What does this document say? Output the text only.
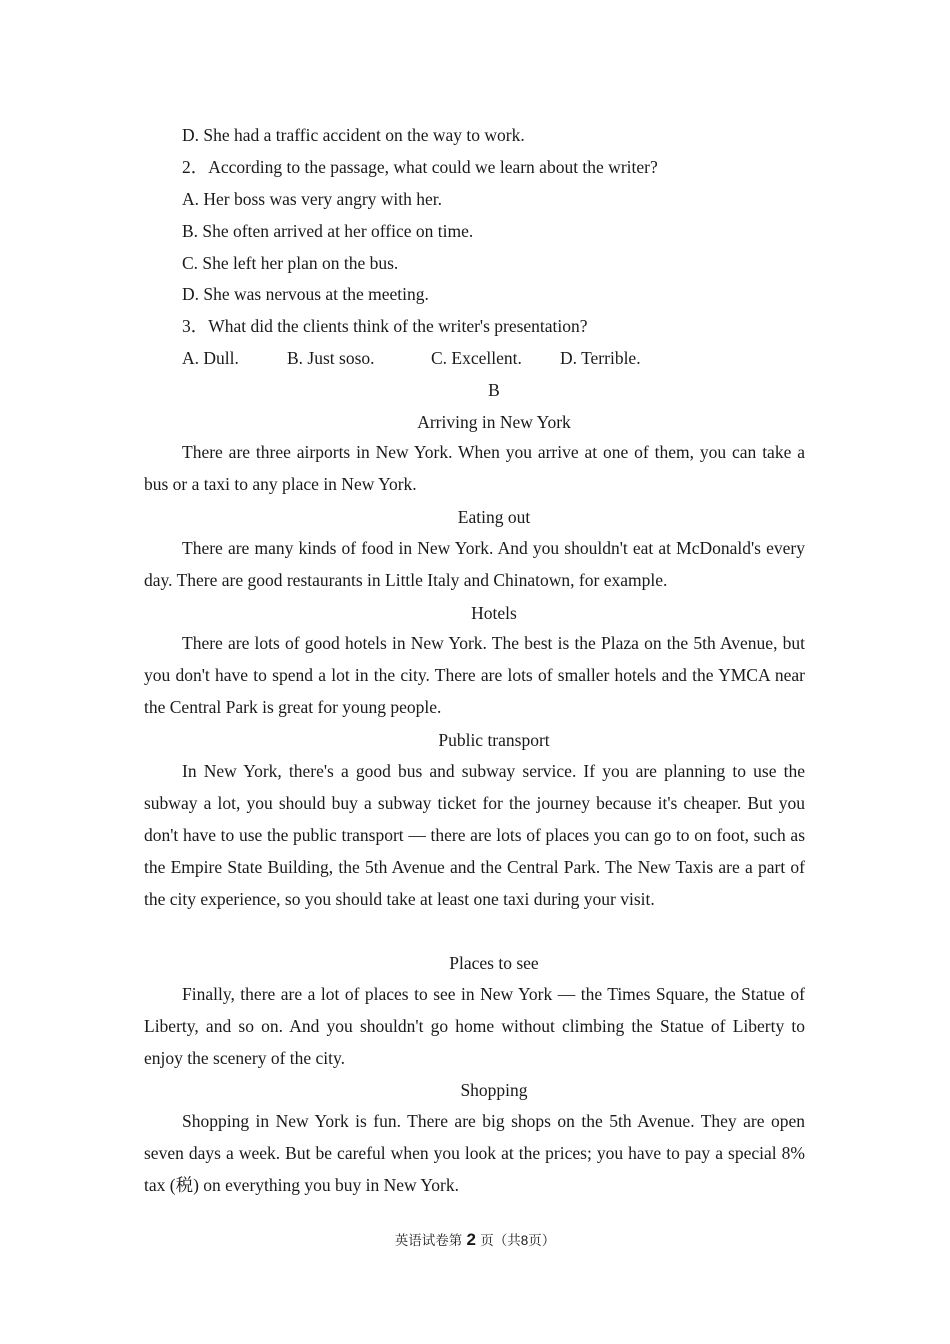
D. She had a traffic accident on the way to work.
2．According to the passage, what could we learn about the writer?
A. Her boss was very angry with her.
B. She often arrived at her office on time.
C. She left her plan on the bus.
D. She was nervous at the meeting.
3．What did the clients think of the writer's presentation?
A. Dull.	B. Just soso.	C. Excellent. D. Terrible.
B
Arriving in New York
There are three airports in New York. When you arrive at one of them, you can take a bus or a taxi to any place in New York.
Eating out
There are many kinds of food in New York. And you shouldn't eat at McDonald's every day. There are good restaurants in Little Italy and Chinatown, for example.
Hotels
There are lots of good hotels in New York. The best is the Plaza on the 5th Avenue, but you don't have to spend a lot in the city. There are lots of smaller hotels and the YMCA near the Central Park is great for young people.
Public transport
In New York, there's a good bus and subway service. If you are planning to use the subway a lot, you should buy a subway ticket for the journey because it's cheaper. But you don't have to use the public transport — there are lots of places you can go to on foot, such as the Empire State Building, the 5th Avenue and the Central Park. The New Taxis are a part of the city experience, so you should take at least one taxi during your visit.
Places to see
Finally, there are a lot of places to see in New York — the Times Square, the Statue of Liberty, and so on. And you shouldn't go home without climbing the Statue of Liberty to enjoy the scenery of the city.
Shopping
Shopping in New York is fun. There are big shops on the 5th Avenue. They are open seven days a week. But be careful when you look at the prices; you have to pay a special 8% tax (税) on everything you buy in New York.
英语试卷第 2 页（共8页）
